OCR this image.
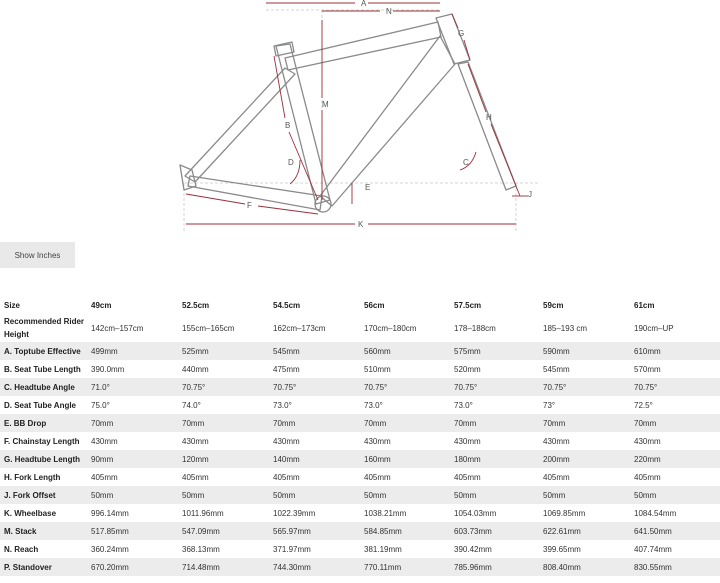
A
N
G
M
B
H
D	C
E
J
F
K
Show Inches
Size	49cm	52.5cm	54.5cm	56cm	57.5cm	59cm	61cm
Recommended Rider Height	142cm–157cm	155cm–165cm	162cm–173cm	170cm–180cm	178–188cm	185–193 cm	190cm–UP
A. Toptube Effective	499mm	525mm	545mm	560mm	575mm	590mm	610mm
B. Seat Tube Length	390.0mm	440mm	475mm	510mm	520mm	545mm	570mm
C. Headtube Angle	71.0°	70.75°	70.75°	70.75°	70.75°	70.75°	70.75°
D. Seat Tube Angle	75.0°	74.0°	73.0°	73.0°	73.0°	73°	72.5°
E. BB Drop	70mm	70mm	70mm	70mm	70mm	70mm	70mm
F. Chainstay Length	430mm	430mm	430mm	430mm	430mm	430mm	430mm
G. Headtube Length	90mm	120mm	140mm	160mm	180mm	200mm	220mm
H. Fork Length	405mm	405mm	405mm	405mm	405mm	405mm	405mm
J. Fork Offset	50mm	50mm	50mm	50mm	50mm	50mm	50mm
K. Wheelbase	996.14mm	1011.96mm	1022.39mm	1038.21mm	1054.03mm	1069.85mm	1084.54mm
M. Stack	517.85mm	547.09mm	565.97mm	584.85mm	603.73mm	622.61mm	641.50mm
N. Reach	360.24mm	368.13mm	371.97mm	381.19mm	390.42mm	399.65mm	407.74mm
P. Standover	670.20mm	714.48mm	744.30mm	770.11mm	785.96mm	808.40mm	830.55mm
